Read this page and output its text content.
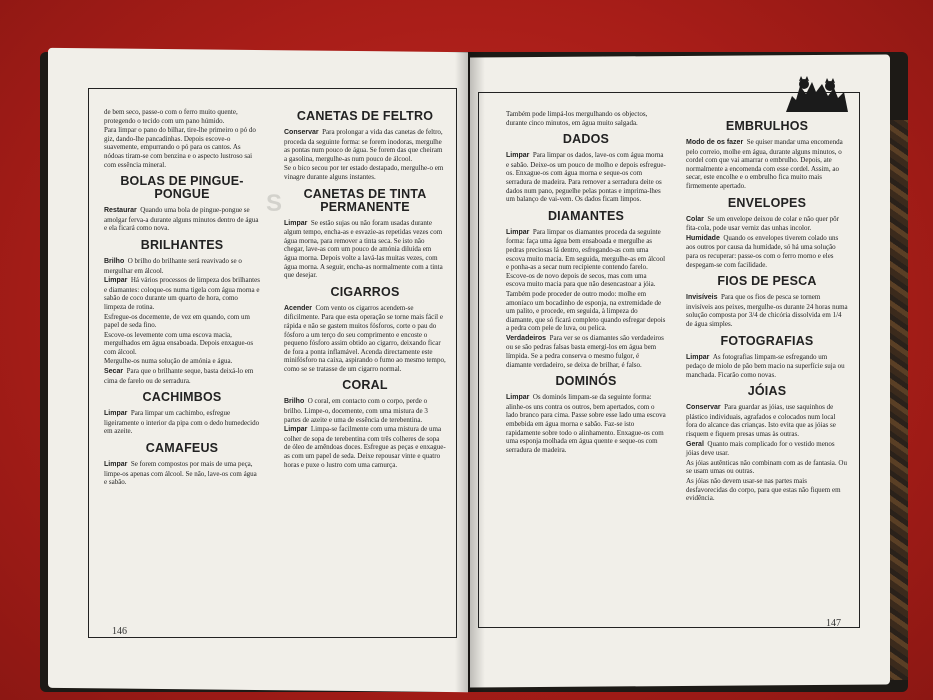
S

de bem seco, passe-o com o ferro muito quente, protegendo o tecido com um pano húmido.

Para limpar o pano do bilhar, tire-lhe primeiro o pó do giz, dando-lhe pancadinhas. Depois escove-o suavemente, empurrando o pó para os cantos. As nódoas tiram-se com benzina e o aspecto lustroso sai com essência mineral.

BOLAS DE PINGUE-PONGUE

Restaurar  Quando uma bola de pingue-pongue se amolgar ferva-a durante alguns minutos dentro de água e ela ficará como nova.

BRILHANTES

Brilho  O brilho do brilhante será reavivado se o mergulhar em álcool.

Limpar  Há vários processos de limpeza dos brilhantes e diamantes: coloque-os numa tigela com água morna e sabão de coco durante um quarto de hora, como limpeza de rotina.

Esfregue-os docemente, de vez em quando, com um papel de seda fino.

Escove-os levemente com uma escova macia, mergulhados em água ensaboada. Depois enxague-os com álcool.

Mergulhe-os numa solução de amónia e água.

Secar  Para que o brilhante seque, basta deixá-lo em cima de farelo ou de serradura.

CACHIMBOS

Limpar  Para limpar um cachimbo, esfregue ligeiramente o interior da pipa com o dedo humedecido em azeite.

CAMAFEUS

Limpar  Se forem compostos por mais de uma peça, limpe-os apenas com álcool. Se não, lave-os com água e sabão.

CANETAS DE FELTRO

Conservar  Para prolongar a vida das canetas de feltro, proceda da seguinte forma: se forem inodoras, mergulhe as pontas num pouco de água. Se forem das que cheiram a gasolina, mergulhe-as num pouco de álcool.

Se o bico secou por ter estado destapado, mergulhe-o em vinagre durante alguns instantes.

CANETAS DE TINTA PERMANENTE

Limpar  Se estão sujas ou não foram usadas durante algum tempo, encha-as e esvazie-as repetidas vezes com água morna, para remover a tinta seca. Se isto não chegar, lave-as com um pouco de amónia diluída em água morna. Depois volte a lavá-las muitas vezes, com água morna. A seguir, encha-as normalmente com a tinta que desejar.

CIGARROS

Acender  Com vento os cigarros acendem-se dificilmente. Para que esta operação se torne mais fácil e rápida e não se gastem muitos fósforos, corte o pau do fósforo a um terço do seu comprimento e encoste o pequeno fósforo assim obtido ao cigarro, deixando ficar de fora a ponta inflamável. Acenda directamente este minifósforo na caixa, aspirando o fumo ao mesmo tempo, como se se tratasse de um cigarro normal.

CORAL

Brilho  O coral, em contacto com o corpo, perde o brilho. Limpe-o, docemente, com uma mistura de 3 partes de azeite e uma de essência de terebentina.

Limpar  Limpa-se facilmente com uma mistura de uma colher de sopa de terebentina com três colheres de sopa de óleo de amêndoas doces. Esfregue as peças e enxague-as com um papel de seda. Deixe repousar vinte e quatro horas e puxe o lustro com uma camurça.

Também pode limpá-los mergulhando os objectos, durante cinco minutos, em água muito salgada.

DADOS

Limpar  Para limpar os dados, lave-os com água morna e sabão. Deixe-os um pouco de molho e depois esfregue-os. Enxague-os com água morna e seque-os com serradura de madeira. Para remover a serradura deite os dados num pano, peguelhe pelas pontas e imprima-lhes um balanço de vai-vem. Os dados ficam limpos.

DIAMANTES

Limpar  Para limpar os diamantes proceda da seguinte forma: faça uma água bem ensaboada e mergulhe as pedras preciosas lá dentro, esfregando-as com uma escova muito macia. Em seguida, mergulhe-as em álcool e ponha-as a secar num recipiente contendo farelo. Escove-os de novo depois de secos, mas com uma escova muito macia para que não desencastoar a jóia.

Também pode proceder de outro modo: molhe em amoníaco um bocadinho de esponja, na extremidade de um palito, e procede, em seguida, à limpeza do diamante, que só ficará completo quando esfregar depois a pedra com pele de luva, ou pelica.

Verdadeiros  Para ver se os diamantes são verdadeiros ou se são pedras falsas basta emergi-los em água bem límpida. Se a pedra conserva o mesmo fulgor, é diamante verdadeiro, se deixa de brilhar, é falso.

DOMINÓS

Limpar  Os dominós limpam-se da seguinte forma: alinhe-os uns contra os outros, bem apertados, com o lado branco para cima. Passe sobre esse lado uma escova embebida em água morna e sabão. Faz-se isto rapidamente sobre todo o alinhamento. Enxague-os com uma esponja molhada em água quente e seque-os com serradura de madeira.

EMBRULHOS

Modo de os fazer  Se quiser mandar uma encomenda pelo correio, molhe em água, durante alguns minutos, o cordel com que vai amarrar o embrulho. Depois, ate normalmente a encomenda com esse cordel. Assim, ao secar, este encolhe e o embrulho fica muito mais firmemente apertado.

ENVELOPES

Colar  Se um envelope deixou de colar e não quer pôr fita-cola, pode usar verniz das unhas incolor.

Humidade  Quando os envelopes tiverem colado uns aos outros por causa da humidade, só há uma solução para os recuperar: passe-os com o ferro morno e eles despegam-se com facilidade.

FIOS DE PESCA

Invisíveis  Para que os fios de pesca se tornem invisíveis aos peixes, mergulhe-os durante 24 horas numa solução composta por 3/4 de chicória dissolvida em 1/4 de água simples.

FOTOGRAFIAS

Limpar  As fotografias limpam-se esfregando um pedaço de miolo de pão bem macio na superfície suja ou manchada. Ficarão como novas.

JÓIAS

Conservar  Para guardar as jóias, use saquinhos de plástico individuais, agrafados e colocados num local fora do alcance das crianças. Isto evita que as jóias se risquem e fiquem presas umas às outras.

Geral  Quanto mais complicado for o vestido menos jóias deve usar.

As jóias autênticas não combinam com as de fantasia. Ou se usam umas ou outras.

As jóias não devem usar-se nas partes mais desfavorecidas do corpo, para que estas não fiquem em evidência.

146
147
